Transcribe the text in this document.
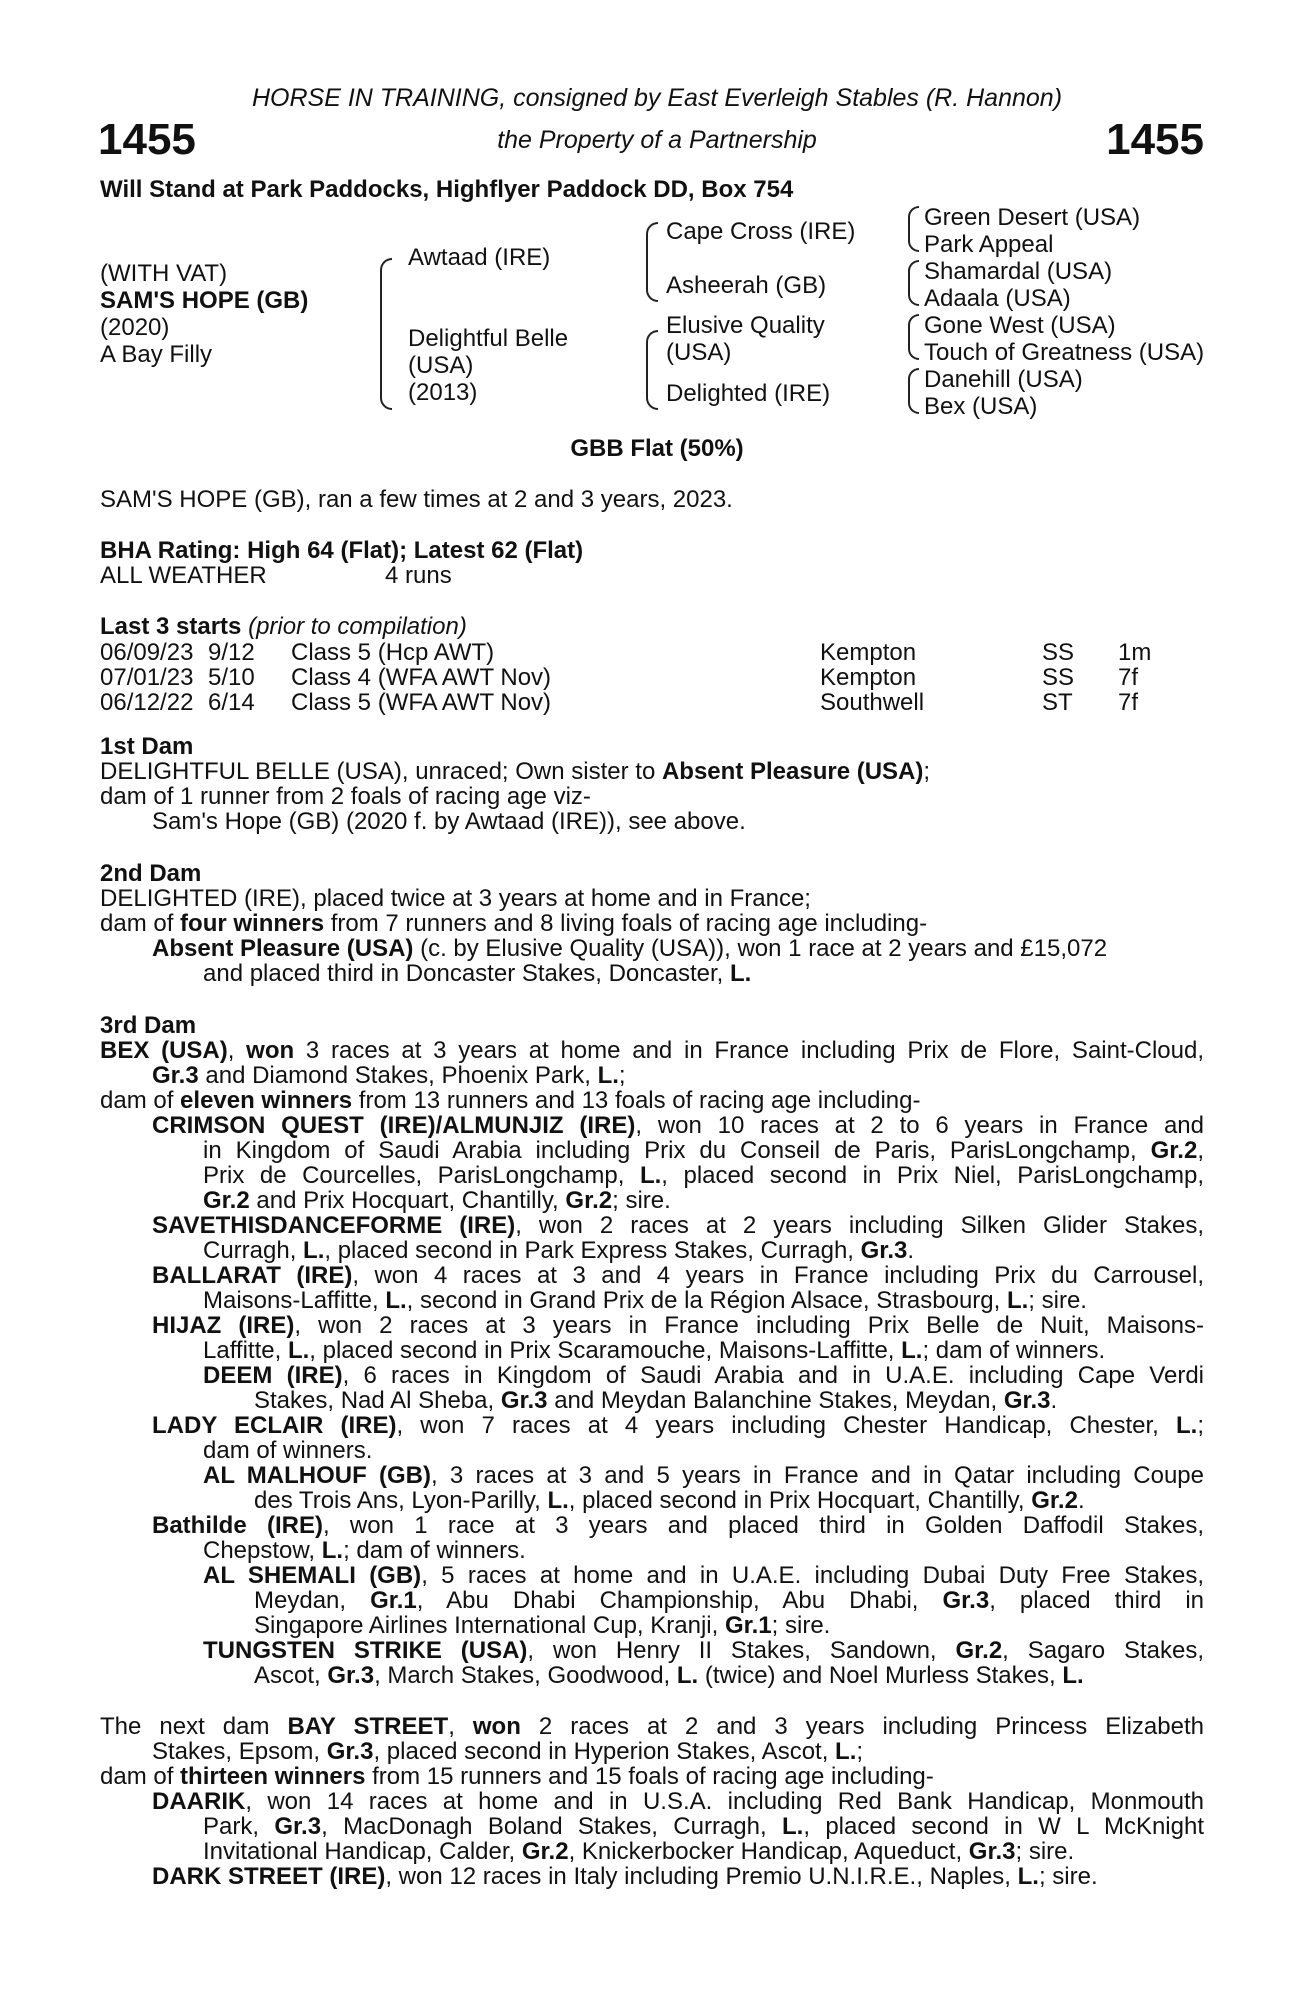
HORSE IN TRAINING, consigned by East Everleigh Stables (R. Hannon)
1455	the Property of a Partnership	1455
Will Stand at Park Paddocks, Highflyer Paddock DD, Box 754
(WITH VAT)
SAM'S HOPE (GB)
(2020)
A Bay Filly
Awtaad (IRE)
Delightful Belle
(USA)
(2013)
Cape Cross (IRE)
Asheerah (GB)
Elusive Quality
(USA)
Delighted (IRE)
Green Desert (USA)
Park Appeal
Shamardal (USA)
Adaala (USA)
Gone West (USA)
Touch of Greatness (USA)
Danehill (USA)
Bex (USA)
GBB Flat (50%)
SAM'S HOPE (GB), ran a few times at 2 and 3 years, 2023.
BHA Rating: High 64 (Flat); Latest 62 (Flat)
ALL WEATHER	4 runs
Last 3 starts (prior to compilation)
06/09/23 9/12 Class 5 (Hcp AWT)	Kempton	SS 1m
07/01/23 5/10 Class 4 (WFA AWT Nov)	Kempton	SS 7f
06/12/22 6/14 Class 5 (WFA AWT Nov)	Southwell	ST 7f
1st Dam
DELIGHTFUL BELLE (USA), unraced; Own sister to Absent Pleasure (USA);
dam of 1 runner from 2 foals of racing age viz-
Sam's Hope (GB) (2020 f. by Awtaad (IRE)), see above.
2nd Dam
DELIGHTED (IRE), placed twice at 3 years at home and in France;
dam of four winners from 7 runners and 8 living foals of racing age including-
Absent Pleasure (USA) (c. by Elusive Quality (USA)), won 1 race at 2 years and £15,072
and placed third in Doncaster Stakes, Doncaster, L.
3rd Dam
BEX (USA), won 3 races at 3 years at home and in France including Prix de Flore, Saint-Cloud,
Gr.3 and Diamond Stakes, Phoenix Park, L.;
dam of eleven winners from 13 runners and 13 foals of racing age including-
CRIMSON QUEST (IRE)/ALMUNJIZ (IRE), won 10 races at 2 to 6 years in France and
in Kingdom of Saudi Arabia including Prix du Conseil de Paris, ParisLongchamp, Gr.2,
Prix de Courcelles, ParisLongchamp, L., placed second in Prix Niel, ParisLongchamp,
Gr.2 and Prix Hocquart, Chantilly, Gr.2; sire.
SAVETHISDANCEFORME (IRE), won 2 races at 2 years including Silken Glider Stakes,
Curragh, L., placed second in Park Express Stakes, Curragh, Gr.3.
BALLARAT (IRE), won 4 races at 3 and 4 years in France including Prix du Carrousel,
Maisons-Laffitte, L., second in Grand Prix de la Région Alsace, Strasbourg, L.; sire.
HIJAZ (IRE), won 2 races at 3 years in France including Prix Belle de Nuit, Maisons-
Laffitte, L., placed second in Prix Scaramouche, Maisons-Laffitte, L.; dam of winners.
DEEM (IRE), 6 races in Kingdom of Saudi Arabia and in U.A.E. including Cape Verdi
Stakes, Nad Al Sheba, Gr.3 and Meydan Balanchine Stakes, Meydan, Gr.3.
LADY ECLAIR (IRE), won 7 races at 4 years including Chester Handicap, Chester, L.;
dam of winners.
AL MALHOUF (GB), 3 races at 3 and 5 years in France and in Qatar including Coupe
des Trois Ans, Lyon-Parilly, L., placed second in Prix Hocquart, Chantilly, Gr.2.
Bathilde (IRE), won 1 race at 3 years and placed third in Golden Daffodil Stakes,
Chepstow, L.; dam of winners.
AL SHEMALI (GB), 5 races at home and in U.A.E. including Dubai Duty Free Stakes,
Meydan, Gr.1, Abu Dhabi Championship, Abu Dhabi, Gr.3, placed third in
Singapore Airlines International Cup, Kranji, Gr.1; sire.
TUNGSTEN STRIKE (USA), won Henry II Stakes, Sandown, Gr.2, Sagaro Stakes,
Ascot, Gr.3, March Stakes, Goodwood, L. (twice) and Noel Murless Stakes, L.
The next dam BAY STREET, won 2 races at 2 and 3 years including Princess Elizabeth
Stakes, Epsom, Gr.3, placed second in Hyperion Stakes, Ascot, L.;
dam of thirteen winners from 15 runners and 15 foals of racing age including-
DAARIK, won 14 races at home and in U.S.A. including Red Bank Handicap, Monmouth
Park, Gr.3, MacDonagh Boland Stakes, Curragh, L., placed second in W L McKnight
Invitational Handicap, Calder, Gr.2, Knickerbocker Handicap, Aqueduct, Gr.3; sire.
DARK STREET (IRE), won 12 races in Italy including Premio U.N.I.R.E., Naples, L.; sire.
